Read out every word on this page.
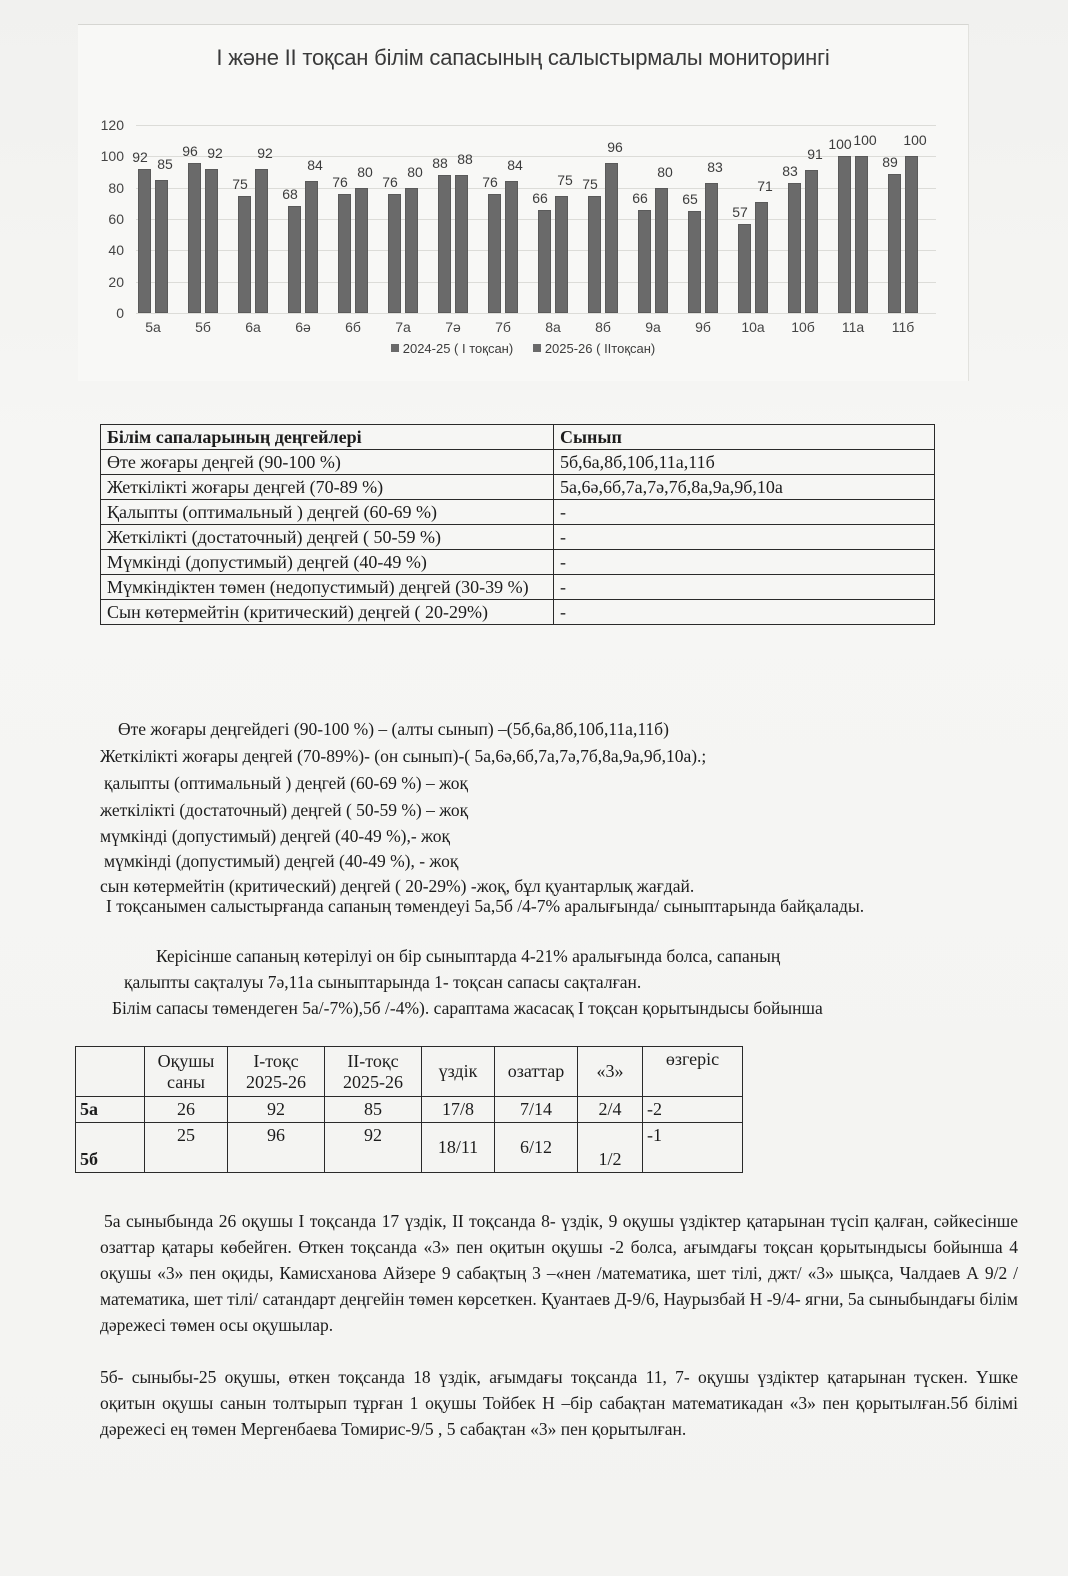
I және II тоқсан білім сапасының салыстырмалы мониторингі
0
20
40
60
80
100
120
92 85
5а
96 92
5б
75
92
6а
68
84
6ә
76
80
6б
76
80
7а
88 88
7ә
76
84
7б
66
75
8а
75
96
8б
66
80
9а
65
83
9б
57
71
10а
83
91
10б
100 100
11а
89
100
11б
2024-25 ( I тоқсан) 2025-26 ( IIтоқсан)
Білім сапаларының деңгейлері	Сынып
Өте жоғары деңгей (90-100 %)	5б,6а,8б,10б,11а,11б
Жеткілікті жоғары деңгей (70-89 %)	5а,6ә,6б,7а,7ә,7б,8а,9а,9б,10а
Қалыпты (оптимальный ) деңгей (60-69 %)	-
Жеткілікті (достаточный) деңгей ( 50-59 %)	-
Мүмкінді (допустимый) деңгей (40-49 %)	-
Мүмкіндіктен төмен (недопустимый) деңгей (30-39 %)	-
Сын көтермейтін (критический) деңгей ( 20-29%)	-
Өте жоғары деңгейдегі (90-100 %) – (алты сынып) –(5б,6а,8б,10б,11а,11б)
Жеткілікті жоғары деңгей (70-89%)- (он сынып)-( 5а,6ә,6б,7а,7ә,7б,8а,9а,9б,10а).;
қалыпты (оптимальный ) деңгей (60-69 %) – жоқ
жеткілікті (достаточный) деңгей ( 50-59 %) – жоқ
мүмкінді (допустимый) деңгей (40-49 %),- жоқ
мүмкінді (допустимый) деңгей (40-49 %), - жоқ
сын көтермейтін (критический) деңгей ( 20-29%) -жоқ, бұл қуантарлық жағдай.
I тоқсанымен салыстырғанда сапаның төмендеуі 5а,5б /4-7% аралығында/ сыныптарында байқалады.
Керісінше сапаның көтерілуі он бір сыныптарда 4-21% аралығында болса, сапаның
қалыпты сақталуы 7ә,11а сыныптарында 1- тоқсан сапасы сақталған.
Білім сапасы төмендеген 5а/-7%),5б /-4%). сараптама жасасақ I тоқсан қорытындысы бойынша
	Оқушы саны	I-тоқс 2025-26	II-тоқс 2025-26	үздік	озаттар	«3»	өзгеріс
5а	26	92	85	17/8	7/14	2/4	-2
5б	25	96	92	18/11	6/12	1/2	-1
5а сыныбында 26 оқушы I тоқсанда 17 үздік, II тоқсанда 8- үздік, 9 оқушы үздіктер қатарынан түсіп қалған, сәйкесінше озаттар қатары көбейген. Өткен тоқсанда «3» пен оқитын оқушы -2 болса, ағымдағы тоқсан қорытындысы бойынша 4 оқушы «3» пен оқиды, Камисханова Айзере 9 сабақтың 3 –«нен /математика, шет тілі, джт/ «3» шықса, Чалдаев А 9/2 /математика, шет тілі/ сатандарт деңгейін төмен көрсеткен. Қуантаев Д-9/6, Наурызбай Н -9/4- ягни, 5а сыныбындағы білім дәрежесі төмен осы оқушылар.
5б- сыныбы-25 оқушы, өткен тоқсанда 18 үздік, ағымдағы тоқсанда 11, 7- оқушы үздіктер қатарынан түскен. Үшке оқитын оқушы санын толтырып тұрған 1 оқушы Тойбек Н –бір сабақтан математикадан «3» пен қорытылған.5б білімі дәрежесі ең төмен Мергенбаева Томирис-9/5 , 5 сабақтан «3» пен қорытылған.
